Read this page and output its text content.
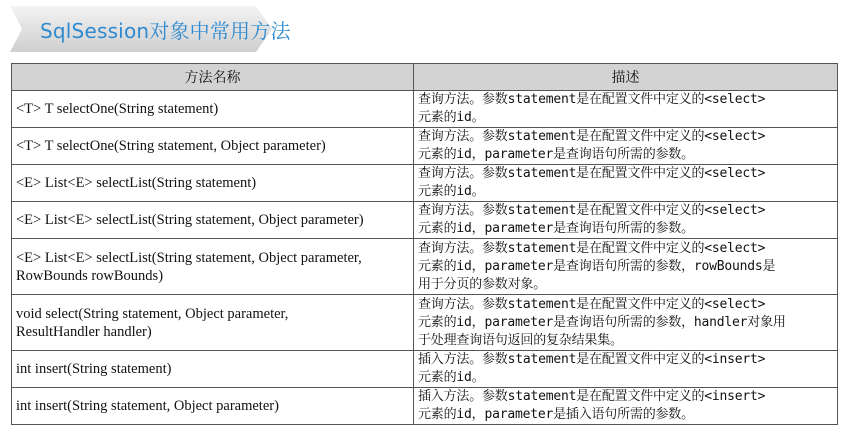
SqlSession对象中常用方法
方法名称	描述
<T> T selectOne(String statement)	查询方法。参数statement是在配置文件中定义的<select>
元素的id。
<T> T selectOne(String statement, Object parameter)	查询方法。参数statement是在配置文件中定义的<select>
元素的id，parameter是查询语句所需的参数。
<E> List<E> selectList(String statement)	查询方法。参数statement是在配置文件中定义的<select>
元素的id。
<E> List<E> selectList(String statement, Object parameter)	查询方法。参数statement是在配置文件中定义的<select>
元素的id，parameter是查询语句所需的参数。
<E> List<E> selectList(String statement, Object parameter,
RowBounds rowBounds)	查询方法。参数statement是在配置文件中定义的<select>
元素的id，parameter是查询语句所需的参数，rowBounds是
用于分页的参数对象。
void select(String statement, Object parameter,
ResultHandler handler)	查询方法。参数statement是在配置文件中定义的<select>
元素的id，parameter是查询语句所需的参数，handler对象用
于处理查询语句返回的复杂结果集。
int insert(String statement)	插入方法。参数statement是在配置文件中定义的<insert>
元素的id。
int insert(String statement, Object parameter)	插入方法。参数statement是在配置文件中定义的<insert>
元素的id，parameter是插入语句所需的参数。
